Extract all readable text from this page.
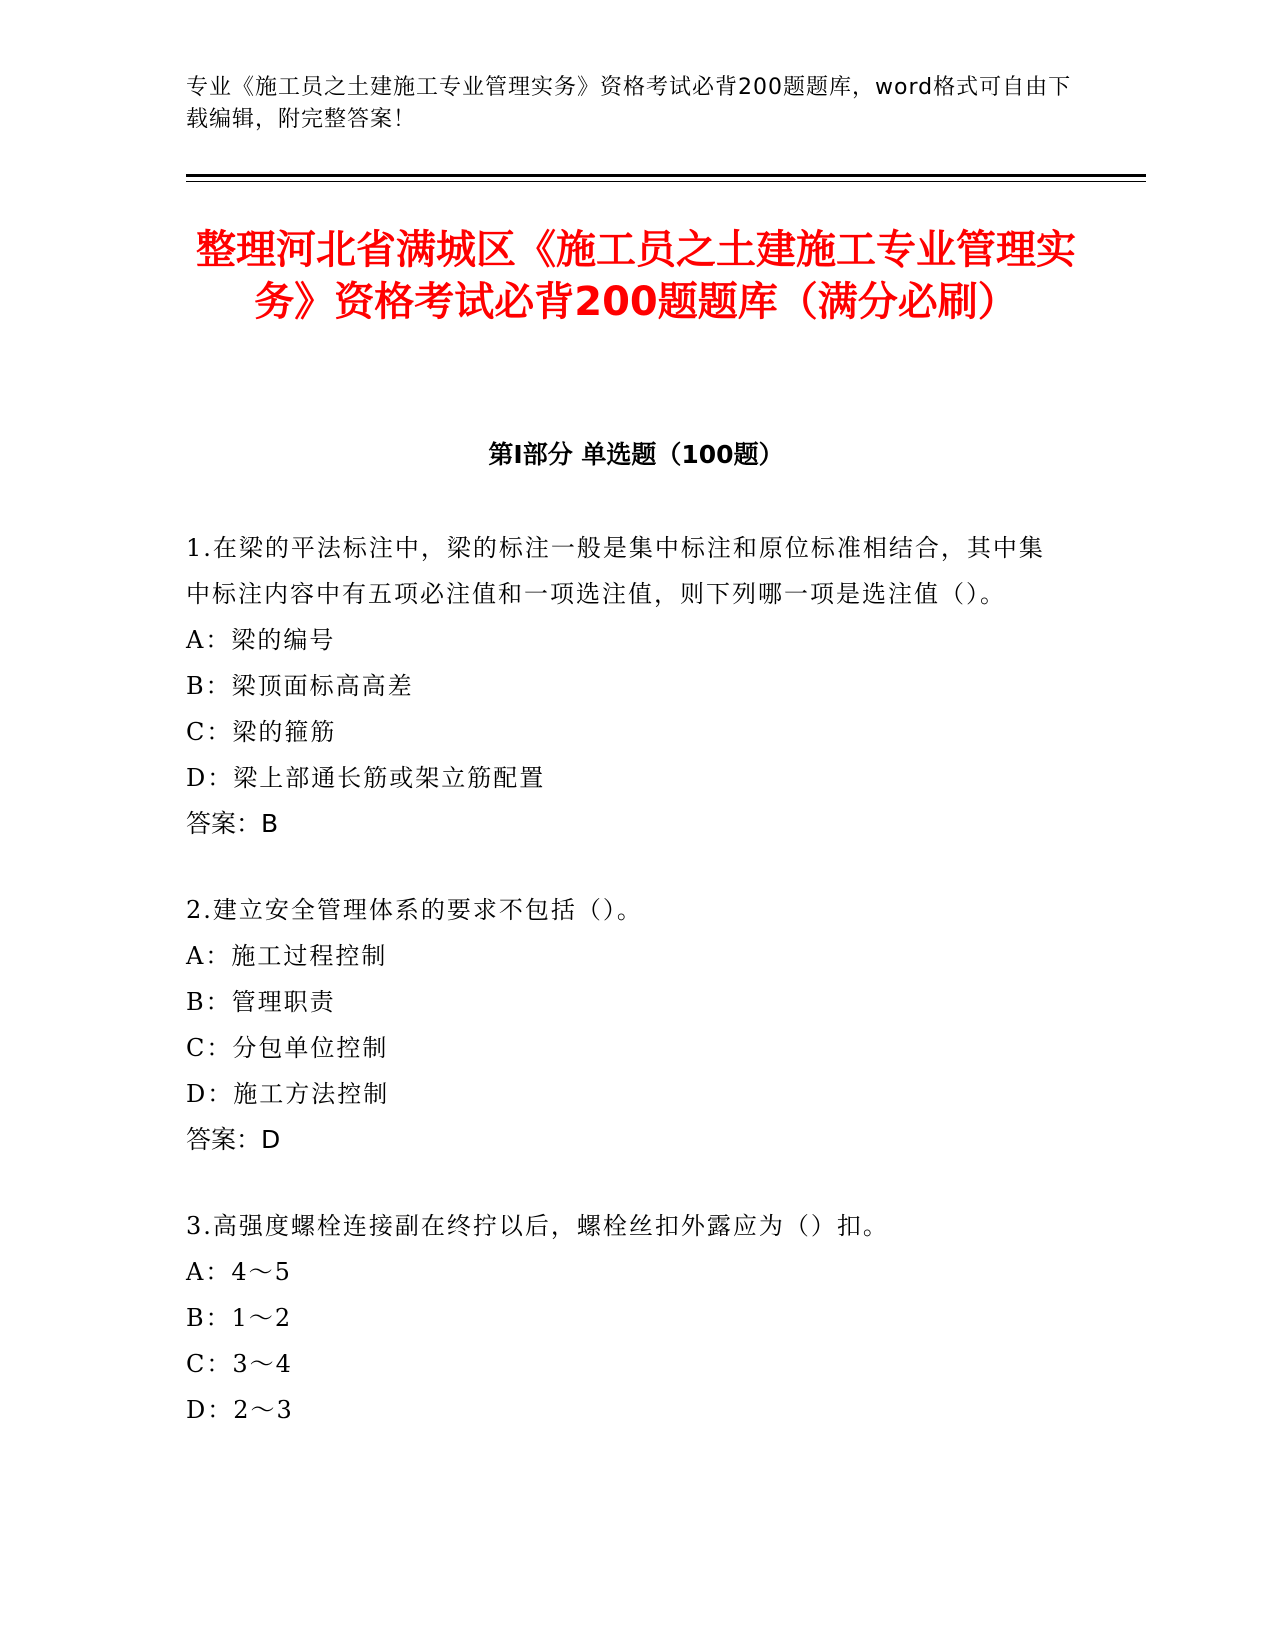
专业《施工员之土建施工专业管理实务》资格考试必背200题题库，word格式可自由下载编辑，附完整答案！
整理河北省满城区《施工员之土建施工专业管理实务》资格考试必背200题题库（满分必刷）
第I部分 单选题（100题）
1.在梁的平法标注中，梁的标注一般是集中标注和原位标准相结合，其中集中标注内容中有五项必注值和一项选注值，则下列哪一项是选注值（）。
A：梁的编号
B：梁顶面标高高差
C：梁的箍筋
D：梁上部通长筋或架立筋配置
答案：B
2.建立安全管理体系的要求不包括（）。
A：施工过程控制
B：管理职责
C：分包单位控制
D：施工方法控制
答案：D
3.高强度螺栓连接副在终拧以后，螺栓丝扣外露应为（）扣。
A：4～5
B：1～2
C：3～4
D：2～3
